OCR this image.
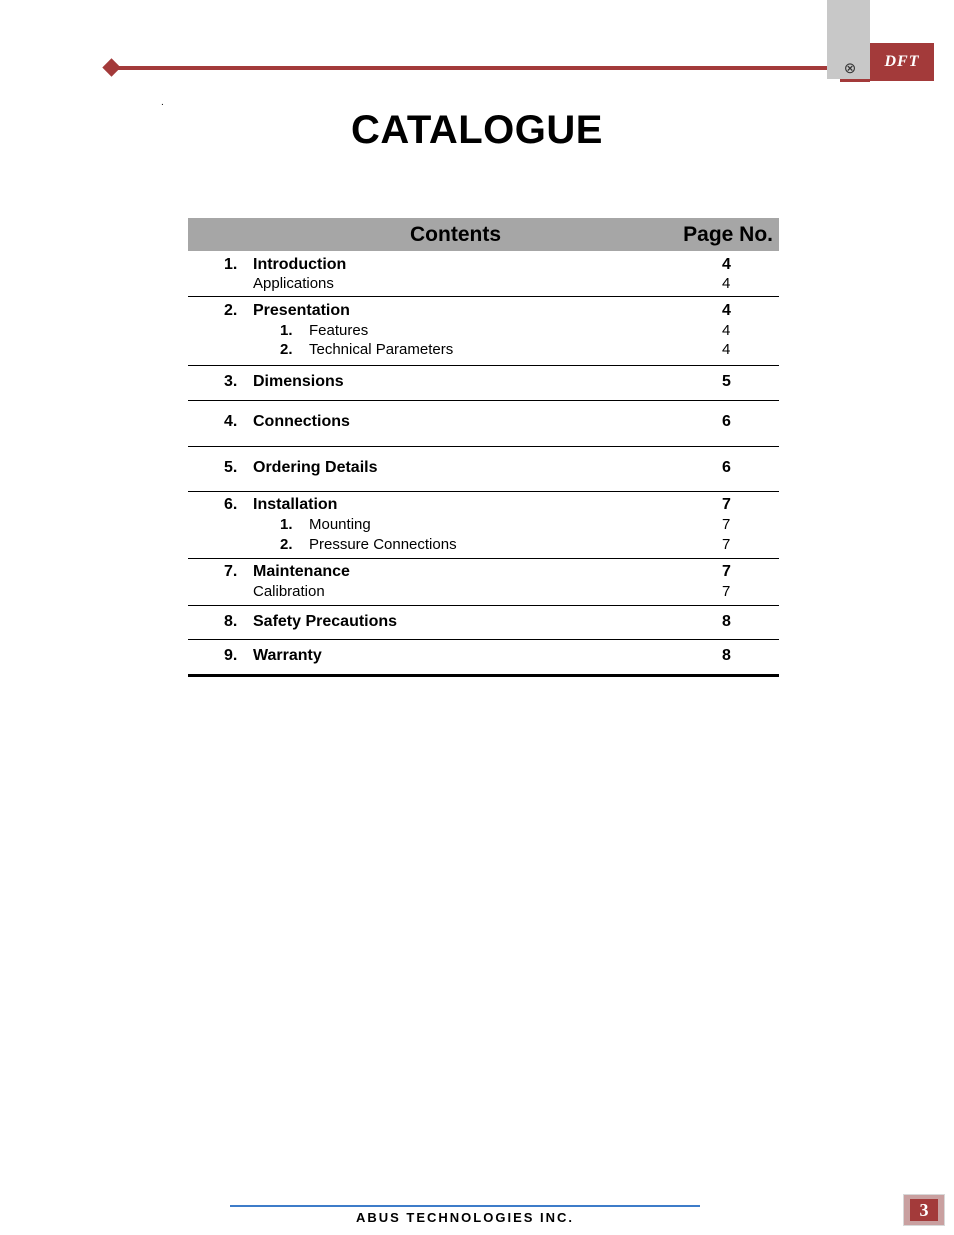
⊗	DFT
.
CATALOGUE
Contents	Page No.
1. Introduction	4
Applications	4
2. Presentation	4
1. Features	4
2. Technical Parameters	4
3. Dimensions	5
4. Connections	6
5. Ordering Details	6
6. Installation	7
1. Mounting	7
2. Pressure Connections	7
7. Maintenance	7
Calibration	7
8. Safety Precautions	8
9. Warranty	8
ABUS TECHNOLOGIES INC.	3
